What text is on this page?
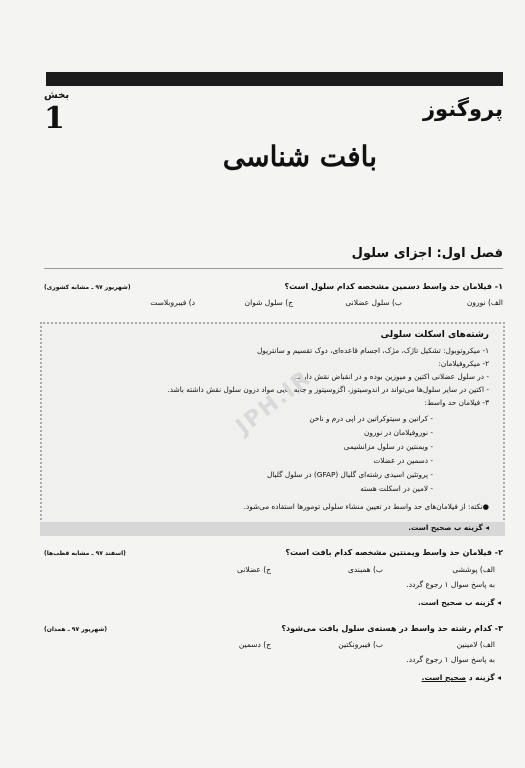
بخش
1	پروگنوز
بافت شناسی
فصل اول: اجزای سلول
۱- فیلامان حد واسط دسمین مشخصه کدام سلول است؟
(شهریور ۹۷ ـ مشابه کشوری)
الف) نورون
ب) سلول عضلانی
ج) سلول شوان
د) فیبروبلاست
رشته‌های اسکلت سلولی
۱- میکروتوبول: تشکیل تاژک، مژک، اجسام قاعده‌ای، دوک تقسیم و سانتریول
۲- میکروفیلامان:
- در سلول عضلانی اکتین و میوزین بوده و در انقباض نقش دارند.
- اکتین در سایر سلول‌ها می‌تواند در اندوسیتوز، اگزوسیتوز و جابه جایی مواد درون سلول نقش داشته باشد.
۳- فیلامان حد واسط:
- کراتین و سیتوکراتین در اپی درم و ناخن
- نوروفیلامان در نورون
- ویمنتین در سلول مزانشیمی
- دسمین در عضلات
- پروتئین اسیدی رشته‌ای گلیال (GFAP) در سلول گلیال
- لامین در اسکلت هسته
●نکته: از فیلامان‌های حد واسط در تعیین منشاء سلولی تومورها استفاده می‌شود.
◂ گزینه ب صحیح است.
۲- فیلامان حد واسط ویمنتین مشخصه کدام بافت است؟
(اسفند ۹۷ ـ مشابه قطب‌ها)
الف) پوششی
ب) همبندی
ج) عضلانی
به پاسخ سوال ۱ رجوع گردد.
◂ گزینه ب صحیح است.
۳- کدام رشته حد واسط در هسته‌ی سلول یافت می‌شود؟
(شهریور ۹۷ ـ همدان)
الف) لامینین
ب) فیبرونکتین
ج) دسمین
به پاسخ سوال ۱ رجوع گردد.
◂ گزینه د صحیح است.
JPH.IR
